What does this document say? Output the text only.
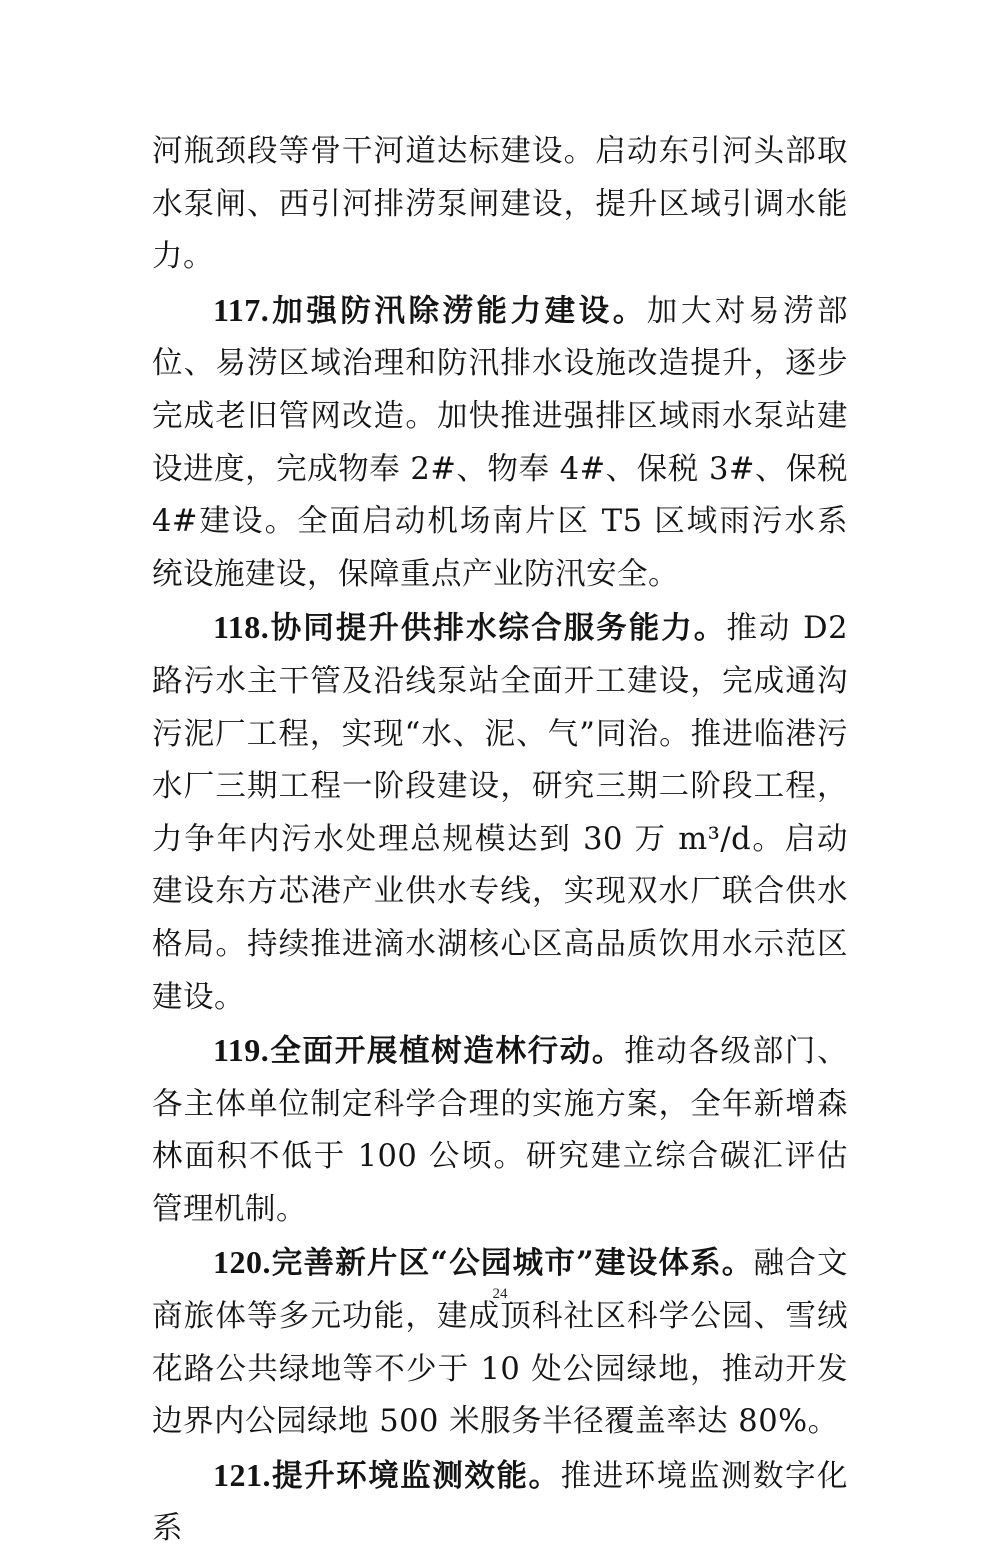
河瓶颈段等骨干河道达标建设。启动东引河头部取水泵闸、西引河排涝泵闸建设，提升区域引调水能力。

117.加强防汛除涝能力建设。加大对易涝部位、易涝区域治理和防汛排水设施改造提升，逐步完成老旧管网改造。加快推进强排区域雨水泵站建设进度，完成物奉 2#、物奉 4#、保税 3#、保税 4#建设。全面启动机场南片区 T5 区域雨污水系统设施建设，保障重点产业防汛安全。

118.协同提升供排水综合服务能力。推动 D2 路污水主干管及沿线泵站全面开工建设，完成通沟污泥厂工程，实现“水、泥、气”同治。推进临港污水厂三期工程一阶段建设，研究三期二阶段工程，力争年内污水处理总规模达到 30 万 m³/d。启动建设东方芯港产业供水专线，实现双水厂联合供水格局。持续推进滴水湖核心区高品质饮用水示范区建设。

119.全面开展植树造林行动。推动各级部门、各主体单位制定科学合理的实施方案，全年新增森林面积不低于 100 公顷。研究建立综合碳汇评估管理机制。

120.完善新片区“公园城市”建设体系。融合文商旅体等多元功能，建成顶科社区科学公园、雪绒花路公共绿地等不少于 10 处公园绿地，推动开发边界内公园绿地 500 米服务半径覆盖率达 80%。

121.提升环境监测效能。推进环境监测数字化系

24
